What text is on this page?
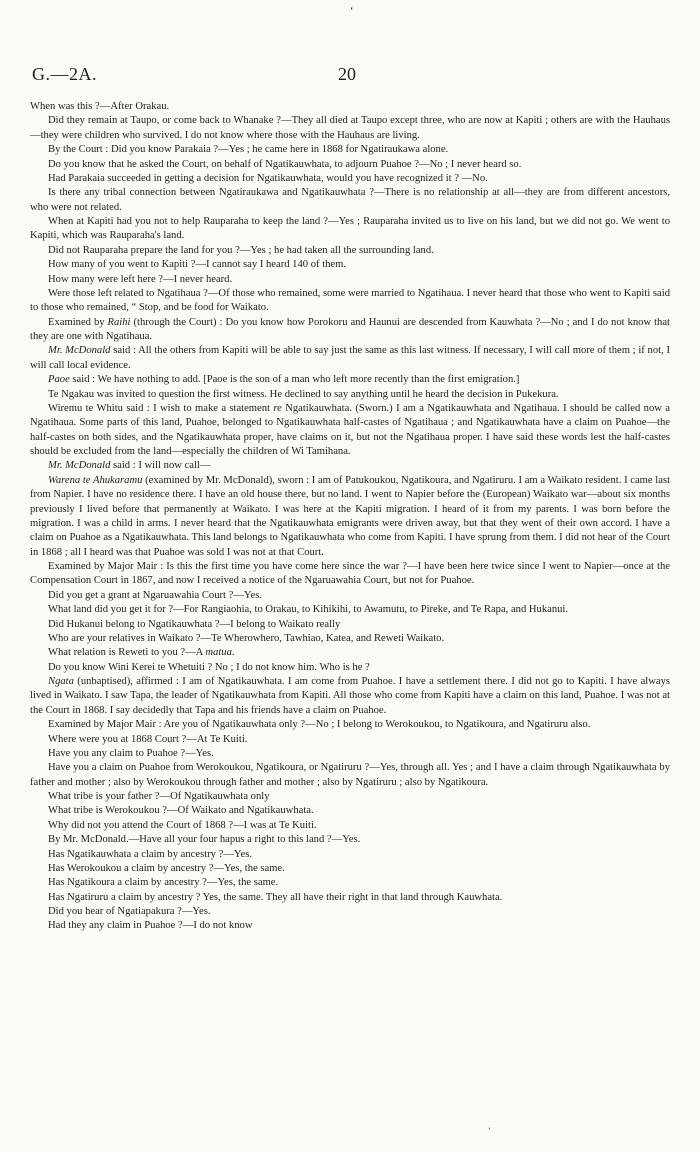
‘
G.—2A.	20

When was this ?—After Orakau.

Did they remain at Taupo, or come back to Whanake ?—They all died at Taupo except three, who are now at Kapiti ; others are with the Hauhaus—they were children who survived. I do not know where those with the Hauhaus are living.

By the Court : Did you know Parakaia ?—Yes ; he came here in 1868 for Ngatiraukawa alone.

Do you know that he asked the Court, on behalf of Ngatikauwhata, to adjourn Puahoe ?—No ; I never heard so.

Had Parakaia succeeded in getting a decision for Ngatikauwhata, would you have recognized it ? —No.

Is there any tribal connection between Ngatiraukawa and Ngatikauwhata ?—There is no relationship at all—they are from different ancestors, who were not related.

When at Kapiti had you not to help Rauparaha to keep the land ?—Yes ; Rauparaha invited us to live on his land, but we did not go. We went to Kapiti, which was Rauparaha's land.

Did not Rauparaha prepare the land for you ?—Yes ; he had taken all the surrounding land.

How many of you went to Kapiti ?—I cannot say I heard 140 of them.

How many were left here ?—I never heard.

Were those left related to Ngatihaua ?—Of those who remained, some were married to Ngatihaua. I never heard that those who went to Kapiti said to those who remained, “ Stop, and be food for Waikato.

Examined by Raihi (through the Court) : Do you know how Porokoru and Haunui are descended from Kauwhata ?—No ; and I do not know that they are one with Ngatihaua.

Mr. McDonald said : All the others from Kapiti will be able to say just the same as this last witness. If necessary, I will call more of them ; if not, I will call local evidence.

Paoe said : We have nothing to add. [Paoe is the son of a man who left more recently than the first emigration.]

Te Ngakau was invited to question the first witness. He declined to say anything until he heard the decision in Pukekura.

Wiremu te Whitu said : I wish to make a statement re Ngatikauwhata. (Sworn.) I am a Ngatikauwhata and Ngatihaua. I should be called now a Ngatihaua. Some parts of this land, Puahoe, belonged to Ngatikauwhata half-castes of Ngatihaua ; and Ngatikauwhata have a claim on Puahoe—the half-castes on both sides, and the Ngatikauwhata proper, have claims on it, but not the Ngatihaua proper. I have said these words lest the half-castes should be excluded from the land—especially the children of Wi Tamihana.

Mr. McDonald said : I will now call—

Warena te Ahukaramu (examined by Mr. McDonald), sworn : I am of Patukoukou, Ngatikoura, and Ngatiruru. I am a Waikato resident. I came last from Napier. I have no residence there. I have an old house there, but no land. I went to Napier before the (European) Waikato war—about six months previously I lived before that permanently at Waikato. I was here at the Kapiti migration. I heard of it from my parents. I was born before the migration. I was a child in arms. I never heard that the Ngatikauwhata emigrants were driven away, but that they went of their own accord. I have a claim on Puahoe as a Ngatikauwhata. This land belongs to Ngatikauwhata who come from Kapiti. I have sprung from them. I did not hear of the Court in 1868 ; all I heard was that Puahoe was sold I was not at that Court.

Examined by Major Mair : Is this the first time you have come here since the war ?—I have been here twice since I went to Napier—once at the Compensation Court in 1867, and now I received a notice of the Ngaruawahia Court, but not for Puahoe.

Did you get a grant at Ngaruawahia Court ?—Yes.

What land did you get it for ?—For Rangiaohia, to Orakau, to Kihikihi, to Awamutu, to Pireke, and Te Rapa, and Hukanui.

Did Hukanui belong to Ngatikauwhata ?—I belong to Waikato really

Who are your relatives in Waikato ?—Te Wherowhero, Tawhiao, Katea, and Reweti Waikato.

What relation is Reweti to you ?—A matua.

Do you know Wini Kerei te Whetuiti ? No ; I do not know him. Who is he ?

Ngata (unbaptised), affirmed : I am of Ngatikauwhata. I am come from Puahoe. I have a settlement there. I did not go to Kapiti. I have always lived in Waikato. I saw Tapa, the leader of Ngatikauwhata from Kapiti. All those who come from Kapiti have a claim on this land, Puahoe. I was not at the Court in 1868. I say decidedly that Tapa and his friends have a claim on Puahoe.

Examined by Major Mair : Are you of Ngatikauwhata only ?—No ; I belong to Werokoukou, to Ngatikoura, and Ngatiruru also.

Where were you at 1868 Court ?—At Te Kuiti.

Have you any claim to Puahoe ?—Yes.

Have you a claim on Puahoe from Werokoukou, Ngatikoura, or Ngatiruru ?—Yes, through all. Yes ; and I have a claim through Ngatikauwhata by father and mother ; also by Werokoukou through father and mother ; also by Ngatiruru ; also by Ngatikoura.

What tribe is your father ?—Of Ngatikauwhata only

What tribe is Werokoukou ?—Of Waikato and Ngatikauwhata.

Why did not you attend the Court of 1868 ?—I was at Te Kuiti.

By Mr. McDonald.—Have all your four hapus a right to this land ?—Yes.

Has Ngatikauwhata a claim by ancestry ?—Yes.

Has Werokoukou a claim by ancestry ?—Yes, the same.

Has Ngatikoura a claim by ancestry ?—Yes, the same.

Has Ngatiruru a claim by ancestry ? Yes, the same. They all have their right in that land through Kauwhata.

Did you hear of Ngatiapakura ?—Yes.

Had they any claim in Puahoe ?—I do not know

ʼ
